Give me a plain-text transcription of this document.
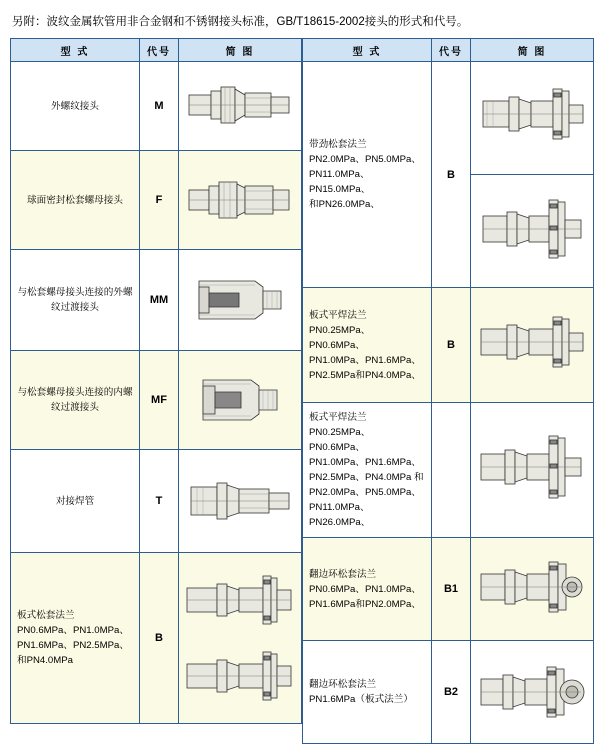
另附：波纹金属软管用非合金钢和不锈钢接头标准，GB/T18615-2002接头的形式和代号。
型 式	代号	简 图
外螺纹接头	M	

球面密封松套螺母接头	F	

与松套螺母接头连接的外螺纹过渡接头	MM	

与松套螺母接头连接的内螺纹过渡接头	MF	

对接焊管	T	

板式松套法兰
PN0.6MPa、PN1.0MPa、
PN1.6MPa、PN2.5MPa、
和PN4.0MPa	B	
型 式	代号	简 图
带劲松套法兰
PN2.0MPa、PN5.0MPa、
PN11.0MPa、PN15.0MPa、
和PN26.0MPa、	B	

板式平焊法兰
PN0.25MPa、PN0.6MPa、
PN1.0MPa、PN1.6MPa、
PN2.5MPa和PN4.0MPa、	B	

板式平焊法兰
PN0.25MPa、PN0.6MPa、
PN1.0MPa、PN1.6MPa、
PN2.5MPa、PN4.0MPa 和
PN2.0MPa、PN5.0MPa、
PN11.0MPa、PN26.0MPa、		

翻边环松套法兰
PN0.6MPa、PN1.0MPa、
PN1.6MPa和PN2.0MPa、	B1	

翻边环松套法兰
PN1.6MPa（板式法兰）	B2	
